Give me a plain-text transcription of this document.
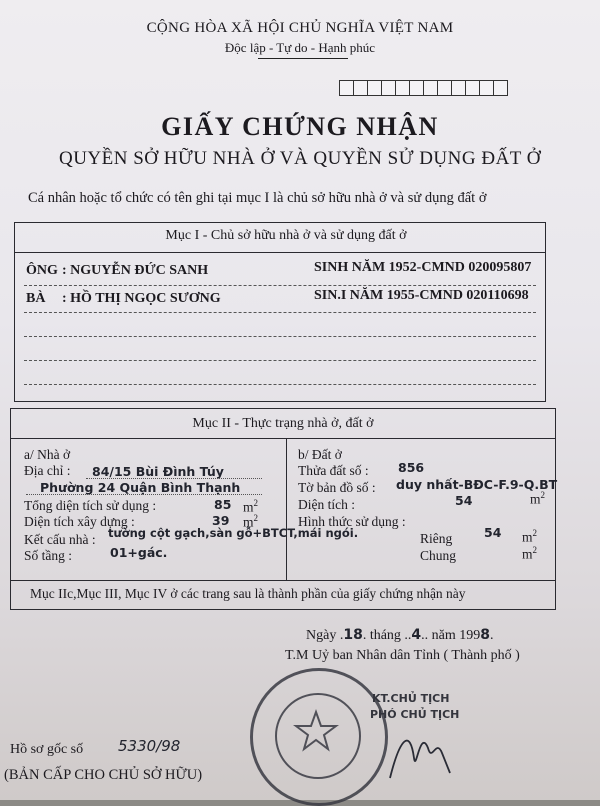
CỘNG HÒA XÃ HỘI CHỦ NGHĨA VIỆT NAM
Độc lập - Tự do - Hạnh phúc
GIẤY CHỨNG NHẬN
QUYỀN SỞ HỮU NHÀ Ở VÀ QUYỀN SỬ DỤNG ĐẤT Ở
Cá nhân hoặc tổ chức có tên ghi tại mục I là chủ sở hữu nhà ở và sử dụng đất ở
Mục I - Chủ sở hữu nhà ở và sử dụng đất ở
ÔNG : NGUYỄN ĐỨC SANH	SINH NĂM 1952-CMND 020095807
BÀ : HỒ THỊ NGỌC SƯƠNG	SIN.I NĂM 1955-CMND 020110698
Mục II - Thực trạng nhà ở, đất ở
a/ Nhà ở
Địa chỉ : 84/15 Bùi Đình Túy
Phường 24 Quận Bình Thạnh
Tổng diện tích sử dụng :	85 $m^2$
Diện tích xây dựng :	39 $m^2$
Kết cấu nhà : tường cột gạch,sàn gỗ+BTCT,mái ngói.
Số tầng :	01+gác.
b/ Đất ở
Thửa đất số : 856
Tờ bản đồ số : duy nhất-BĐC-F.9-Q.BT
Diện tích :	54	$m^2$
Hình thức sử dụng :
Riêng	54 $m^2$
Chung	$m^2$
Mục IIc,Mục III, Mục IV ở các trang sau là thành phần của giấy chứng nhận này
Ngày .18. tháng ..4.. năm 1998.
T.M Uỷ ban Nhân dân Tỉnh ( Thành phố )
KT.CHỦ TỊCH
PHÓ CHỦ TỊCH
Hồ sơ gốc số 5330/98
(BẢN CẤP CHO CHỦ SỞ HỮU)
